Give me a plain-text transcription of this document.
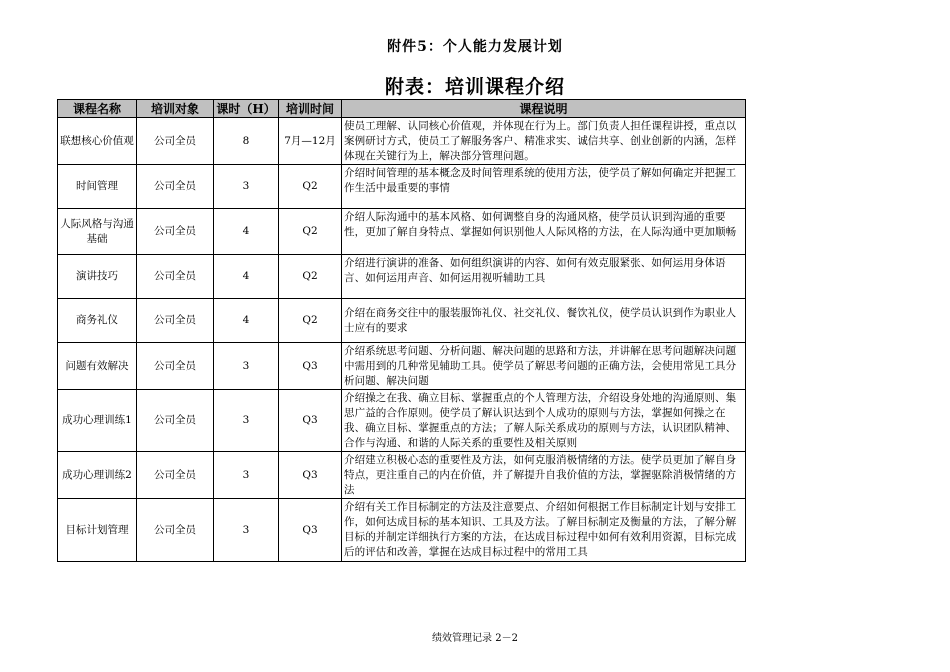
附件5：个人能力发展计划
附表：培训课程介绍
课程名称	培训对象	课时（H）	培训时间	课程说明
联想核心价值观	公司全员	8	7月—12月	使员工理解、认同核心价值观，并体现在行为上。部门负责人担任课程讲授，重点以案例研讨方式，使员工了解服务客户、精准求实、诚信共享、创业创新的内涵，怎样体现在关键行为上，解决部分管理问题。
时间管理	公司全员	3	Q2	介绍时间管理的基本概念及时间管理系统的使用方法，使学员了解如何确定并把握工作生活中最重要的事情
人际风格与沟通基础	公司全员	4	Q2	介绍人际沟通中的基本风格、如何调整自身的沟通风格，使学员认识到沟通的重要性，更加了解自身特点、掌握如何识别他人人际风格的方法，在人际沟通中更加顺畅
演讲技巧	公司全员	4	Q2	介绍进行演讲的准备、如何组织演讲的内容、如何有效克服紧张、如何运用身体语言、如何运用声音、如何运用视听辅助工具
商务礼仪	公司全员	4	Q2	介绍在商务交往中的服装服饰礼仪、社交礼仪、餐饮礼仪，使学员认识到作为职业人士应有的要求
问题有效解决	公司全员	3	Q3	介绍系统思考问题、分析问题、解决问题的思路和方法，并讲解在思考问题解决问题中需用到的几种常见辅助工具。使学员了解思考问题的正确方法，会使用常见工具分析问题、解决问题
成功心理训练1	公司全员	3	Q3	介绍操之在我、确立目标、掌握重点的个人管理方法，介绍设身处地的沟通原则、集思广益的合作原则。使学员了解认识达到个人成功的原则与方法，掌握如何操之在我、确立目标、掌握重点的方法；了解人际关系成功的原则与方法，认识团队精神、合作与沟通、和谐的人际关系的重要性及相关原则
成功心理训练2	公司全员	3	Q3	介绍建立积极心态的重要性及方法，如何克服消极情绪的方法。使学员更加了解自身特点，更注重自己的内在价值，并了解提升自我价值的方法，掌握驱除消极情绪的方法
目标计划管理	公司全员	3	Q3	介绍有关工作目标制定的方法及注意要点、介绍如何根据工作目标制定计划与安排工作，如何达成目标的基本知识、工具及方法。了解目标制定及衡量的方法，了解分解目标的并制定详细执行方案的方法，在达成目标过程中如何有效利用资源，目标完成后的评估和改善，掌握在达成目标过程中的常用工具
绩效管理记录 2－2
